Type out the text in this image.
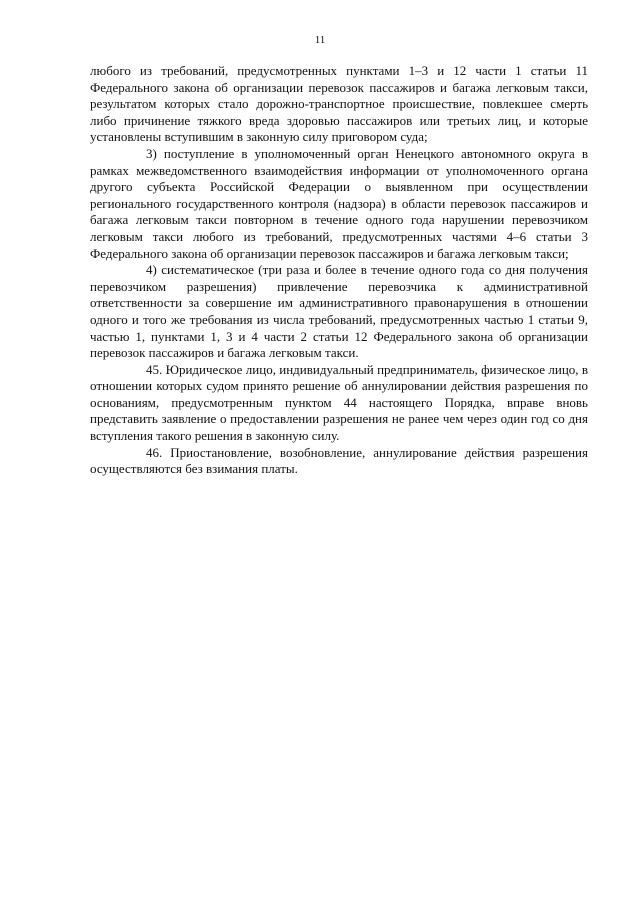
11

любого из требований, предусмотренных пунктами 1–3 и 12 части 1 статьи 11 Федерального закона об организации перевозок пассажиров и багажа легковым такси, результатом которых стало дорожно-транспортное происшествие, повлекшее смерть либо причинение тяжкого вреда здоровью пассажиров или третьих лиц, и которые установлены вступившим в законную силу приговором суда;

3) поступление в уполномоченный орган Ненецкого автономного округа в рамках межведомственного взаимодействия информации от уполномоченного органа другого субъекта Российской Федерации о выявленном при осуществлении регионального государственного контроля (надзора) в области перевозок пассажиров и багажа легковым такси повторном в течение одного года нарушении перевозчиком легковым такси любого из требований, предусмотренных частями 4–6 статьи 3 Федерального закона об организации перевозок пассажиров и багажа легковым такси;

4) систематическое (три раза и более в течение одного года со дня получения перевозчиком разрешения) привлечение перевозчика к административной ответственности за совершение им административного правонарушения в отношении одного и того же требования из числа требований, предусмотренных частью 1 статьи 9, частью 1, пунктами 1, 3 и 4 части 2 статьи 12 Федерального закона об организации перевозок пассажиров и багажа легковым такси.

45. Юридическое лицо, индивидуальный предприниматель, физическое лицо, в отношении которых судом принято решение об аннулировании действия разрешения по основаниям, предусмотренным пунктом 44 настоящего Порядка, вправе вновь представить заявление о предоставлении разрешения не ранее чем через один год со дня вступления такого решения в законную силу.

46. Приостановление, возобновление, аннулирование действия разрешения осуществляются без взимания платы.
